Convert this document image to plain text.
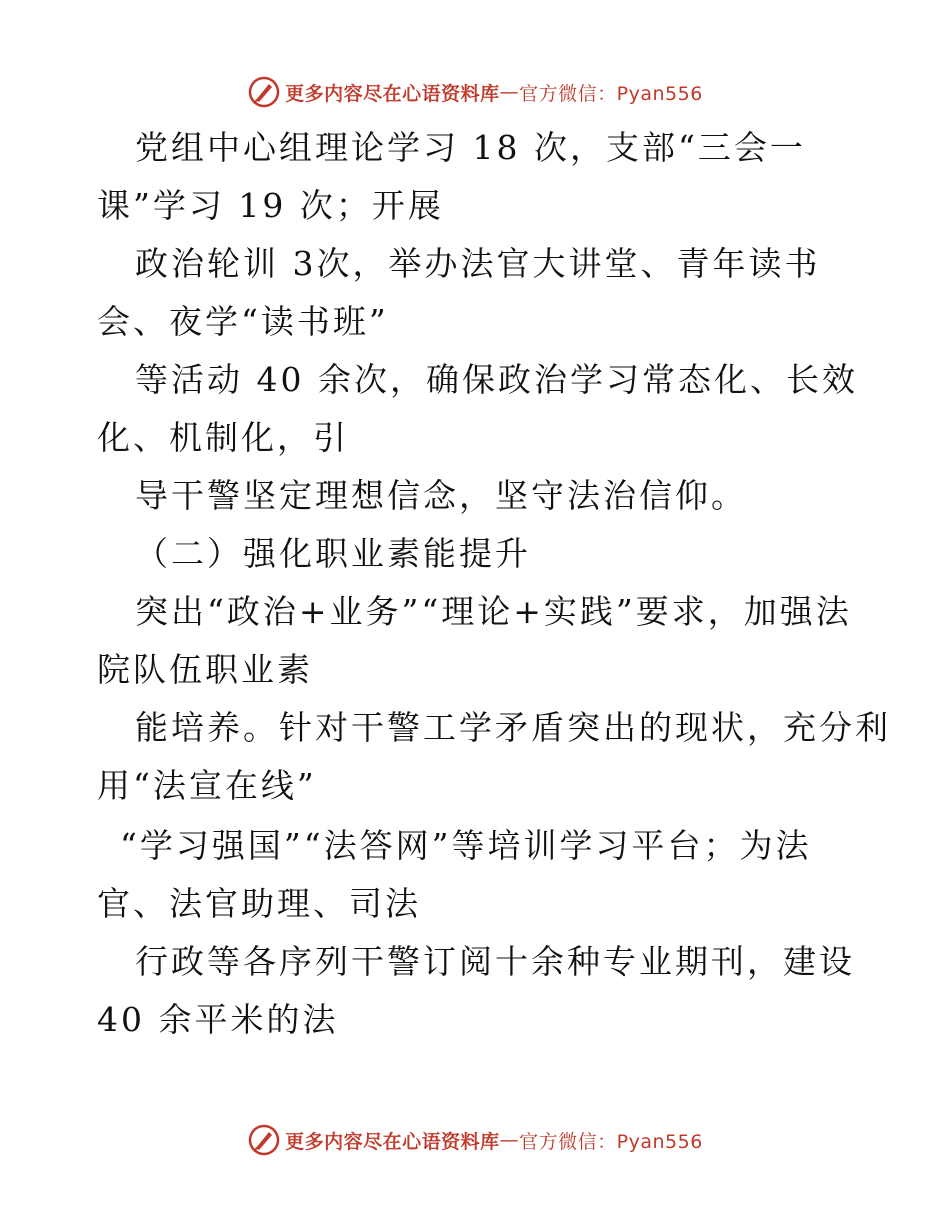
更多内容尽在心语资料库 — 官方微信：Pyan556
党组中心组理论学习 18 次，支部“三会一
课”学习 19 次；开展
政治轮训 3次，举办法官大讲堂、青年读书
会、夜学“读书班”
等活动 40 余次，确保政治学习常态化、长效
化、机制化，引
导干警坚定理想信念，坚守法治信仰。
（二）强化职业素能提升
突出“政治+业务”“理论+实践”要求，加强法
院队伍职业素
能培养。针对干警工学矛盾突出的现状，充分利
用“法宣在线”
“学习强国”“法答网”等培训学习平台；为法
官、法官助理、司法
行政等各序列干警订阅十余种专业期刊，建设
40 余平米的法
更多内容尽在心语资料库 — 官方微信：Pyan556
